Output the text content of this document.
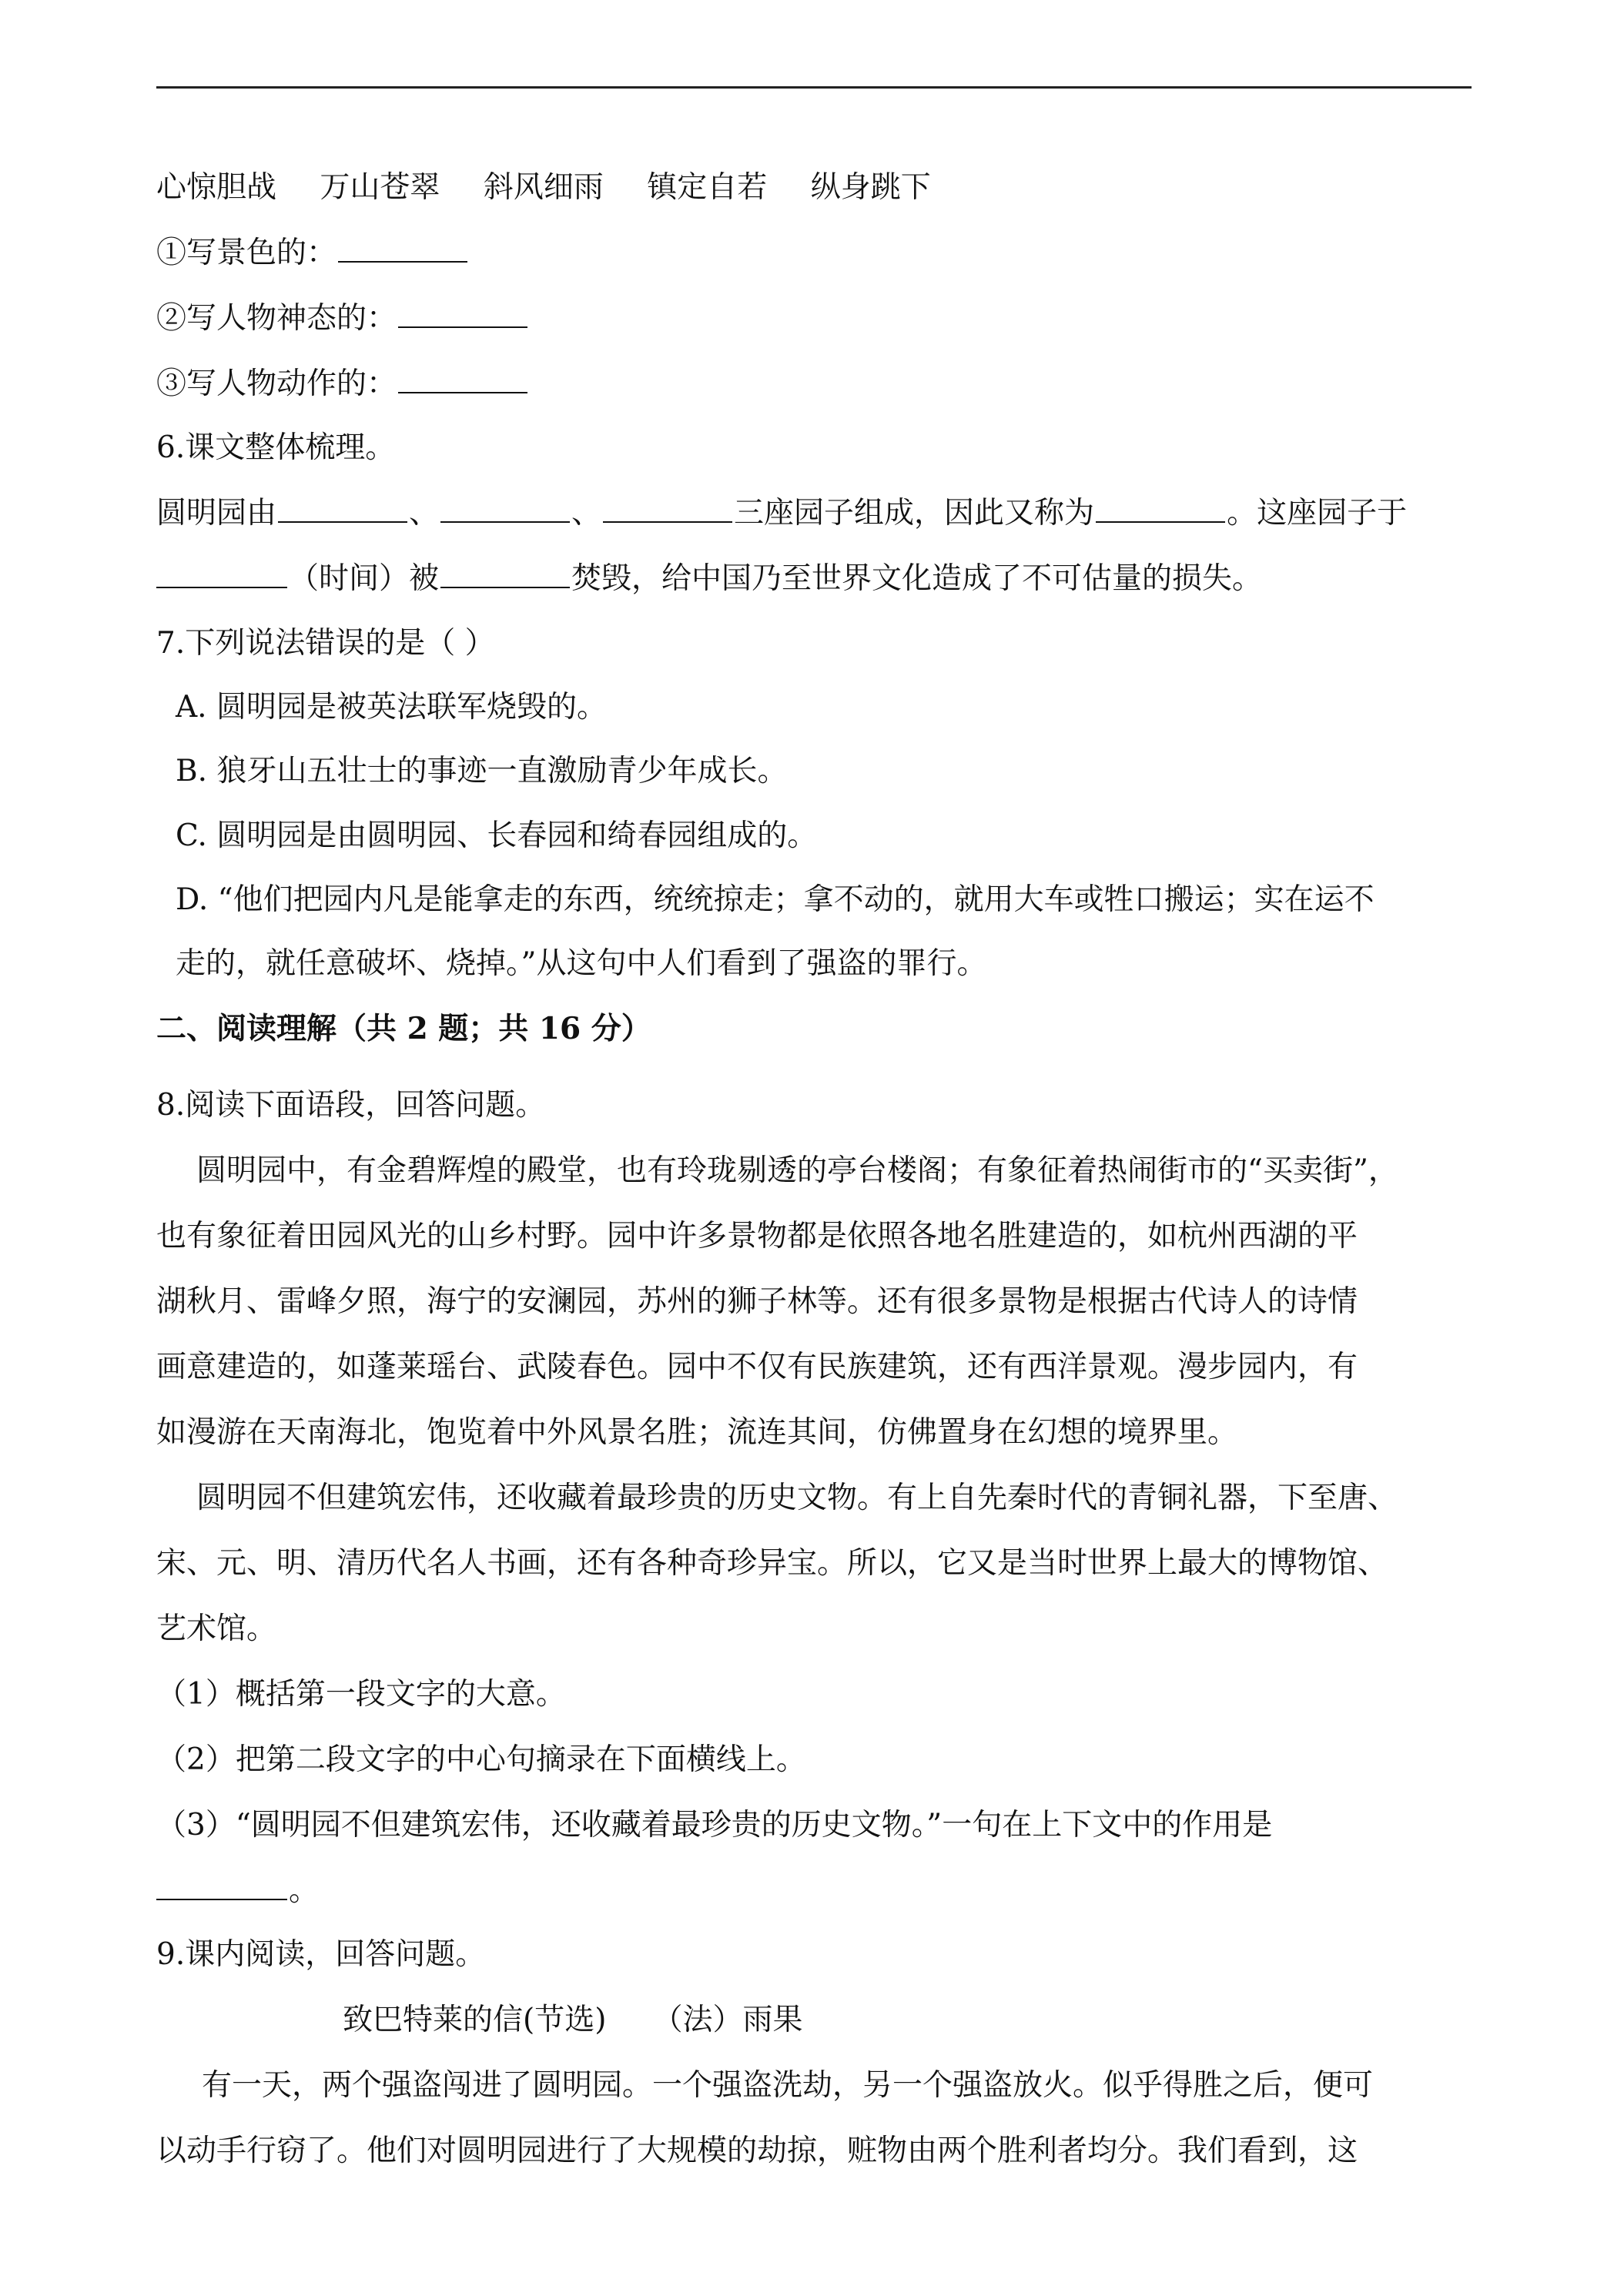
心惊胆战 万山苍翠 斜风细雨 镇定自若 纵身跳下
①写景色的：
②写人物神态的：
③写人物动作的：
6.课文整体梳理。
圆明园由	、	、	三座园子组成，因此又称为	。这座园子于
（时间）被	焚毁，给中国乃至世界文化造成了不可估量的损失。
7.下列说法错误的是（ ）
A. 圆明园是被英法联军烧毁的。
B. 狼牙山五壮士的事迹一直激励青少年成长。
C. 圆明园是由圆明园、长春园和绮春园组成的。
D. “他们把园内凡是能拿走的东西，统统掠走；拿不动的，就用大车或牲口搬运；实在运不
走的，就任意破坏、烧掉。”从这句中人们看到了强盗的罪行。
二、阅读理解（共 2 题；共 16 分）
8.阅读下面语段，回答问题。
圆明园中，有金碧辉煌的殿堂，也有玲珑剔透的亭台楼阁；有象征着热闹街市的“买卖街”，
也有象征着田园风光的山乡村野。园中许多景物都是依照各地名胜建造的，如杭州西湖的平
湖秋月、雷峰夕照，海宁的安澜园，苏州的狮子林等。还有很多景物是根据古代诗人的诗情
画意建造的，如蓬莱瑶台、武陵春色。园中不仅有民族建筑，还有西洋景观。漫步园内，有
如漫游在天南海北，饱览着中外风景名胜；流连其间，仿佛置身在幻想的境界里。
圆明园不但建筑宏伟，还收藏着最珍贵的历史文物。有上自先秦时代的青铜礼器，下至唐、
宋、元、明、清历代名人书画，还有各种奇珍异宝。所以，它又是当时世界上最大的博物馆、
艺术馆。
（1）概括第一段文字的大意。
（2）把第二段文字的中心句摘录在下面横线上。
（3）“圆明园不但建筑宏伟，还收藏着最珍贵的历史文物。”一句在上下文中的作用是
。
9.课内阅读，回答问题。
致巴特莱的信(节选) （法）雨果
有一天，两个强盗闯进了圆明园。一个强盗洗劫，另一个强盗放火。似乎得胜之后，便可
以动手行窃了。他们对圆明园进行了大规模的劫掠，赃物由两个胜利者均分。我们看到，这
